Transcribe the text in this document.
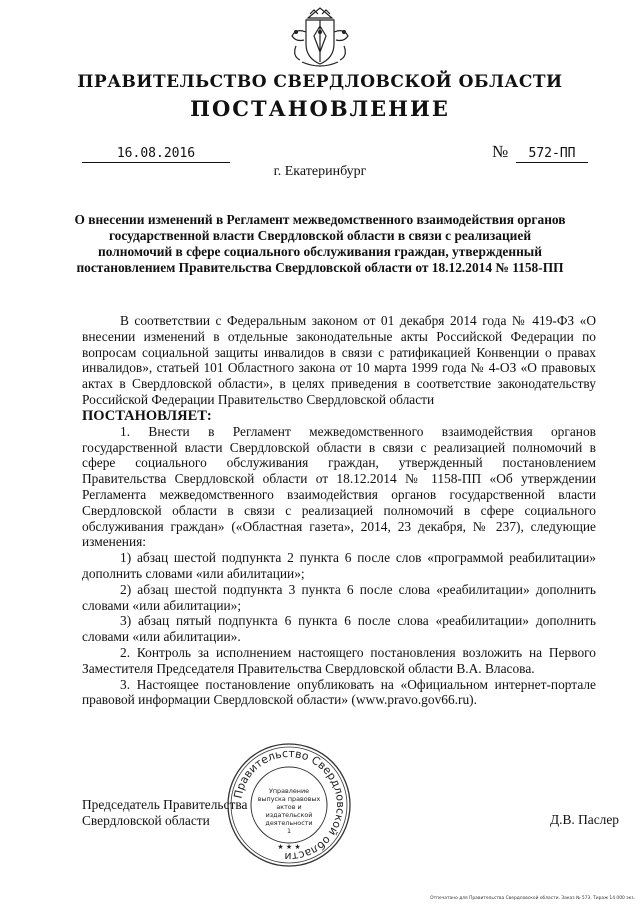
ПРАВИТЕЛЬСТВО СВЕРДЛОВСКОЙ ОБЛАСТИ
ПОСТАНОВЛЕНИЕ
16.08.2016	№	572-ПП
г. Екатеринбург
О внесении изменений в Регламент межведомственного взаимодействия органов государственной власти Свердловской области в связи с реализацией полномочий в сфере социального обслуживания граждан, утвержденный постановлением Правительства Свердловской области от 18.12.2014 № 1158-ПП

В соответствии с Федеральным законом от 01 декабря 2014 года № 419-ФЗ «О внесении изменений в отдельные законодательные акты Российской Федерации по вопросам социальной защиты инвалидов в связи с ратификацией Конвенции о правах инвалидов», статьей 101 Областного закона от 10 марта 1999 года № 4-ОЗ «О правовых актах в Свердловской области», в целях приведения в соответствие законодательству Российской Федерации Правительство Свердловской области

ПОСТАНОВЛЯЕТ:

1. Внести в Регламент межведомственного взаимодействия органов государственной власти Свердловской области в связи с реализацией полномочий в сфере социального обслуживания граждан, утвержденный постановлением Правительства Свердловской области от 18.12.2014 № 1158-ПП «Об утверждении Регламента межведомственного взаимодействия органов государственной власти Свердловской области в связи с реализацией полномочий в сфере социального обслуживания граждан» («Областная газета», 2014, 23 декабря, № 237), следующие изменения:

1) абзац шестой подпункта 2 пункта 6 после слов «программой реабилитации» дополнить словами «или абилитации»;

2) абзац шестой подпункта 3 пункта 6 после слова «реабилитации» дополнить словами «или абилитации»;

3) абзац пятый подпункта 6 пункта 6 после слова «реабилитации» дополнить словами «или абилитации».

2. Контроль за исполнением настоящего постановления возложить на Первого Заместителя Председателя Правительства Свердловской области В.А. Власова.

3. Настоящее постановление опубликовать на «Официальном интернет-портале правовой информации Свердловской области» (www.pravo.gov66.ru).

Правительство Свердловской области
Управление
выпуска правовых
актов и издательской
деятельности
1
★ ★ ★
Председатель Правительства
Свердловской области	Д.В. Паслер
Отпечатано для Правительства Свердловской области. Заказ № 573. Тираж 14 000 экз.
